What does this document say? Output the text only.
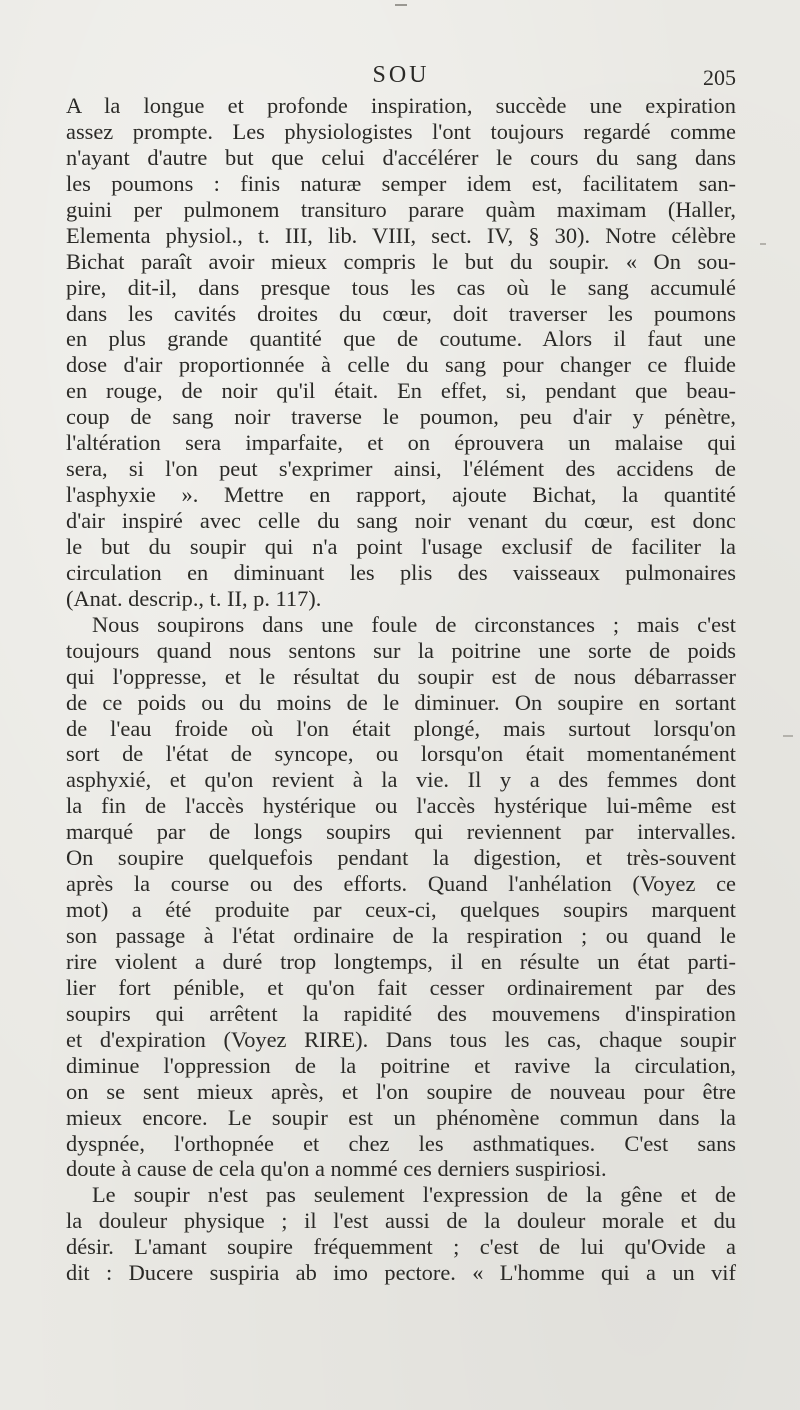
SOU	205
A la longue et profonde inspiration, succède une expiration
assez prompte. Les physiologistes l'ont toujours regardé comme
n'ayant d'autre but que celui d'accélérer le cours du sang dans
les poumons : finis naturæ semper idem est, facilitatem san-
guini per pulmonem transituro parare quàm maximam (Haller,
Elementa physiol., t. III, lib. VIII, sect. IV, § 30). Notre célèbre
Bichat paraît avoir mieux compris le but du soupir. « On sou-
pire, dit-il, dans presque tous les cas où le sang accumulé
dans les cavités droites du cœur, doit traverser les poumons
en plus grande quantité que de coutume. Alors il faut une
dose d'air proportionnée à celle du sang pour changer ce fluide
en rouge, de noir qu'il était. En effet, si, pendant que beau-
coup de sang noir traverse le poumon, peu d'air y pénètre,
l'altération sera imparfaite, et on éprouvera un malaise qui
sera, si l'on peut s'exprimer ainsi, l'élément des accidens de
l'asphyxie ». Mettre en rapport, ajoute Bichat, la quantité
d'air inspiré avec celle du sang noir venant du cœur, est donc
le but du soupir qui n'a point l'usage exclusif de faciliter la
circulation en diminuant les plis des vaisseaux pulmonaires
(Anat. descrip., t. II, p. 117).
Nous soupirons dans une foule de circonstances ; mais c'est
toujours quand nous sentons sur la poitrine une sorte de poids
qui l'oppresse, et le résultat du soupir est de nous débarrasser
de ce poids ou du moins de le diminuer. On soupire en sortant
de l'eau froide où l'on était plongé, mais surtout lorsqu'on
sort de l'état de syncope, ou lorsqu'on était momentanément
asphyxié, et qu'on revient à la vie. Il y a des femmes dont
la fin de l'accès hystérique ou l'accès hystérique lui-même est
marqué par de longs soupirs qui reviennent par intervalles.
On soupire quelquefois pendant la digestion, et très-souvent
après la course ou des efforts. Quand l'anhélation (Voyez ce
mot) a été produite par ceux-ci, quelques soupirs marquent
son passage à l'état ordinaire de la respiration ; ou quand le
rire violent a duré trop longtemps, il en résulte un état parti-
lier fort pénible, et qu'on fait cesser ordinairement par des
soupirs qui arrêtent la rapidité des mouvemens d'inspiration
et d'expiration (Voyez RIRE). Dans tous les cas, chaque soupir
diminue l'oppression de la poitrine et ravive la circulation,
on se sent mieux après, et l'on soupire de nouveau pour être
mieux encore. Le soupir est un phénomène commun dans la
dyspnée, l'orthopnée et chez les asthmatiques. C'est sans
doute à cause de cela qu'on a nommé ces derniers suspiriosi.
Le soupir n'est pas seulement l'expression de la gêne et de
la douleur physique ; il l'est aussi de la douleur morale et du
désir. L'amant soupire fréquemment ; c'est de lui qu'Ovide a
dit : Ducere suspiria ab imo pectore. « L'homme qui a un vif
